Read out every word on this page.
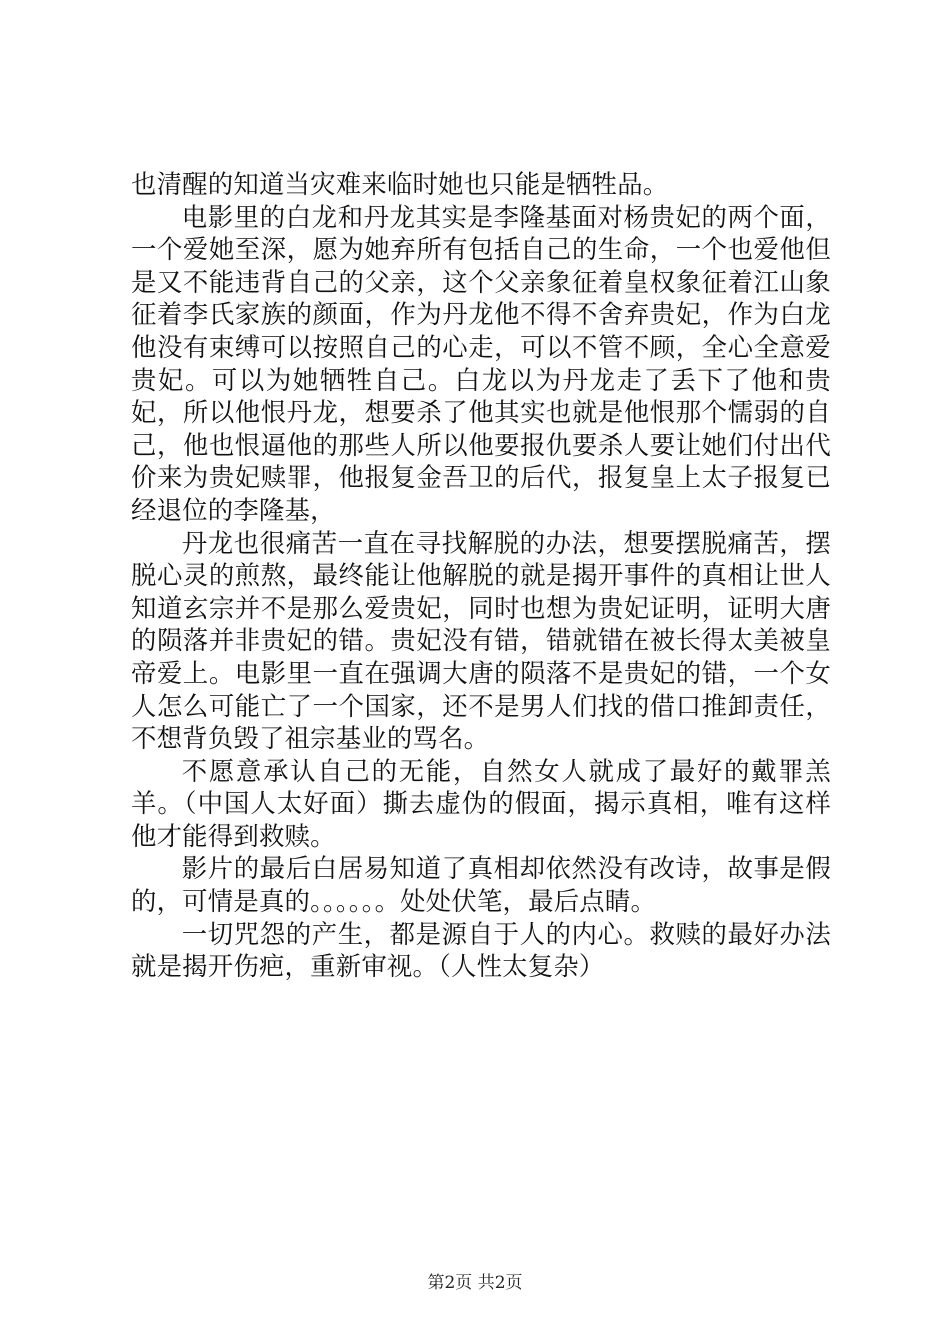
也清醒的知道当灾难来临时她也只能是牺牲品。

电影里的白龙和丹龙其实是李隆基面对杨贵妃的两个面，一个爱她至深，愿为她弃所有包括自己的生命，一个也爱他但是又不能违背自己的父亲，这个父亲象征着皇权象征着江山象征着李氏家族的颜面，作为丹龙他不得不舍弃贵妃，作为白龙他没有束缚可以按照自己的心走，可以不管不顾，全心全意爱贵妃。可以为她牺牲自己。白龙以为丹龙走了丢下了他和贵妃，所以他恨丹龙，想要杀了他其实也就是他恨那个懦弱的自己，他也恨逼他的那些人所以他要报仇要杀人要让她们付出代价来为贵妃赎罪，他报复金吾卫的后代，报复皇上太子报复已经退位的李隆基，

丹龙也很痛苦一直在寻找解脱的办法，想要摆脱痛苦，摆脱心灵的煎熬，最终能让他解脱的就是揭开事件的真相让世人知道玄宗并不是那么爱贵妃，同时也想为贵妃证明，证明大唐的陨落并非贵妃的错。贵妃没有错，错就错在被长得太美被皇帝爱上。电影里一直在强调大唐的陨落不是贵妃的错，一个女人怎么可能亡了一个国家，还不是男人们找的借口推卸责任，不想背负毁了祖宗基业的骂名。

不愿意承认自己的无能，自然女人就成了最好的戴罪羔羊。（中国人太好面）撕去虚伪的假面，揭示真相，唯有这样他才能得到救赎。

影片的最后白居易知道了真相却依然没有改诗，故事是假的，可情是真的。。。。。。处处伏笔，最后点睛。

一切咒怨的产生，都是源自于人的内心。救赎的最好办法就是揭开伤疤，重新审视。（人性太复杂）

第2页 共2页
